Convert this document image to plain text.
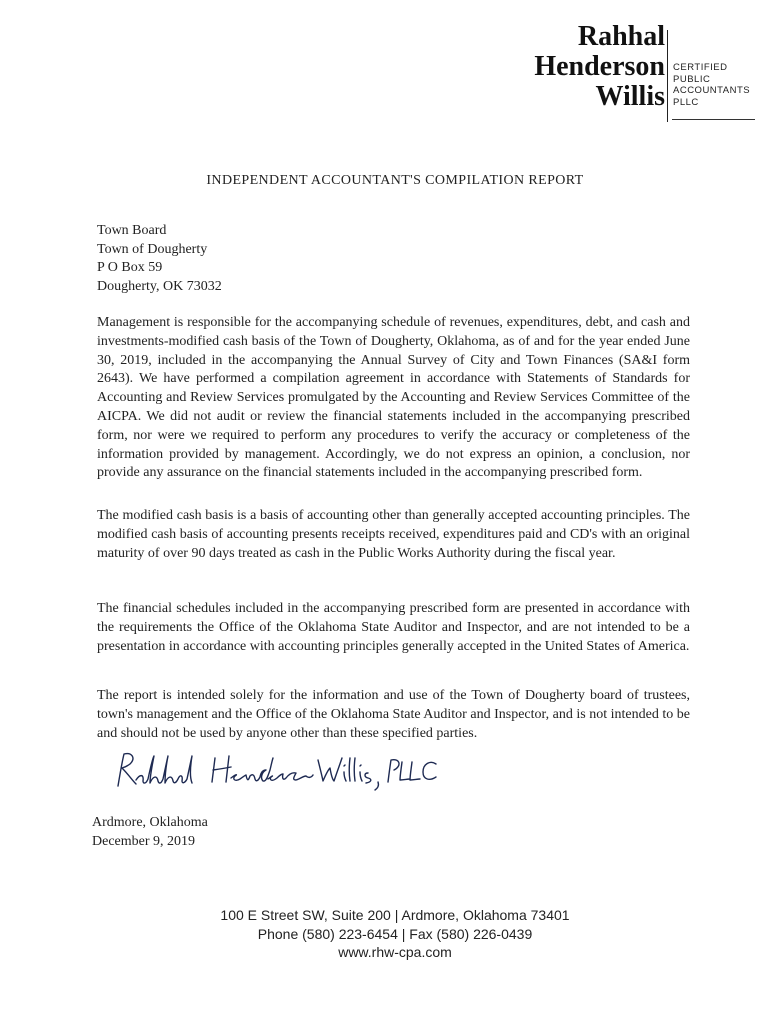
Rahhal
Henderson
Willis
CERTIFIED
PUBLIC
ACCOUNTANTS
PLLC
INDEPENDENT ACCOUNTANT'S COMPILATION REPORT
Town Board
Town of Dougherty
P O Box 59
Dougherty, OK 73032

Management is responsible for the accompanying schedule of revenues, expenditures, debt, and cash and investments-modified cash basis of the Town of Dougherty, Oklahoma, as of and for the year ended June 30, 2019, included in the accompanying the Annual Survey of City and Town Finances (SA&I form 2643). We have performed a compilation agreement in accordance with Statements of Standards for Accounting and Review Services promulgated by the Accounting and Review Services Committee of the AICPA. We did not audit or review the financial statements included in the accompanying prescribed form, nor were we required to perform any procedures to verify the accuracy or completeness of the information provided by management. Accordingly, we do not express an opinion, a conclusion, nor provide any assurance on the financial statements included in the accompanying prescribed form.

The modified cash basis is a basis of accounting other than generally accepted accounting principles. The modified cash basis of accounting presents receipts received, expenditures paid and CD's with an original maturity of over 90 days treated as cash in the Public Works Authority during the fiscal year.

The financial schedules included in the accompanying prescribed form are presented in accordance with the requirements the Office of the Oklahoma State Auditor and Inspector, and are not intended to be a presentation in accordance with accounting principles generally accepted in the United States of America.

The report is intended solely for the information and use of the Town of Dougherty board of trustees, town's management and the Office of the Oklahoma State Auditor and Inspector, and is not intended to be and should not be used by anyone other than these specified parties.

Ardmore, Oklahoma
December 9, 2019
100 E Street SW, Suite 200 | Ardmore, Oklahoma 73401
Phone (580) 223-6454 | Fax (580) 226-0439
www.rhw-cpa.com
